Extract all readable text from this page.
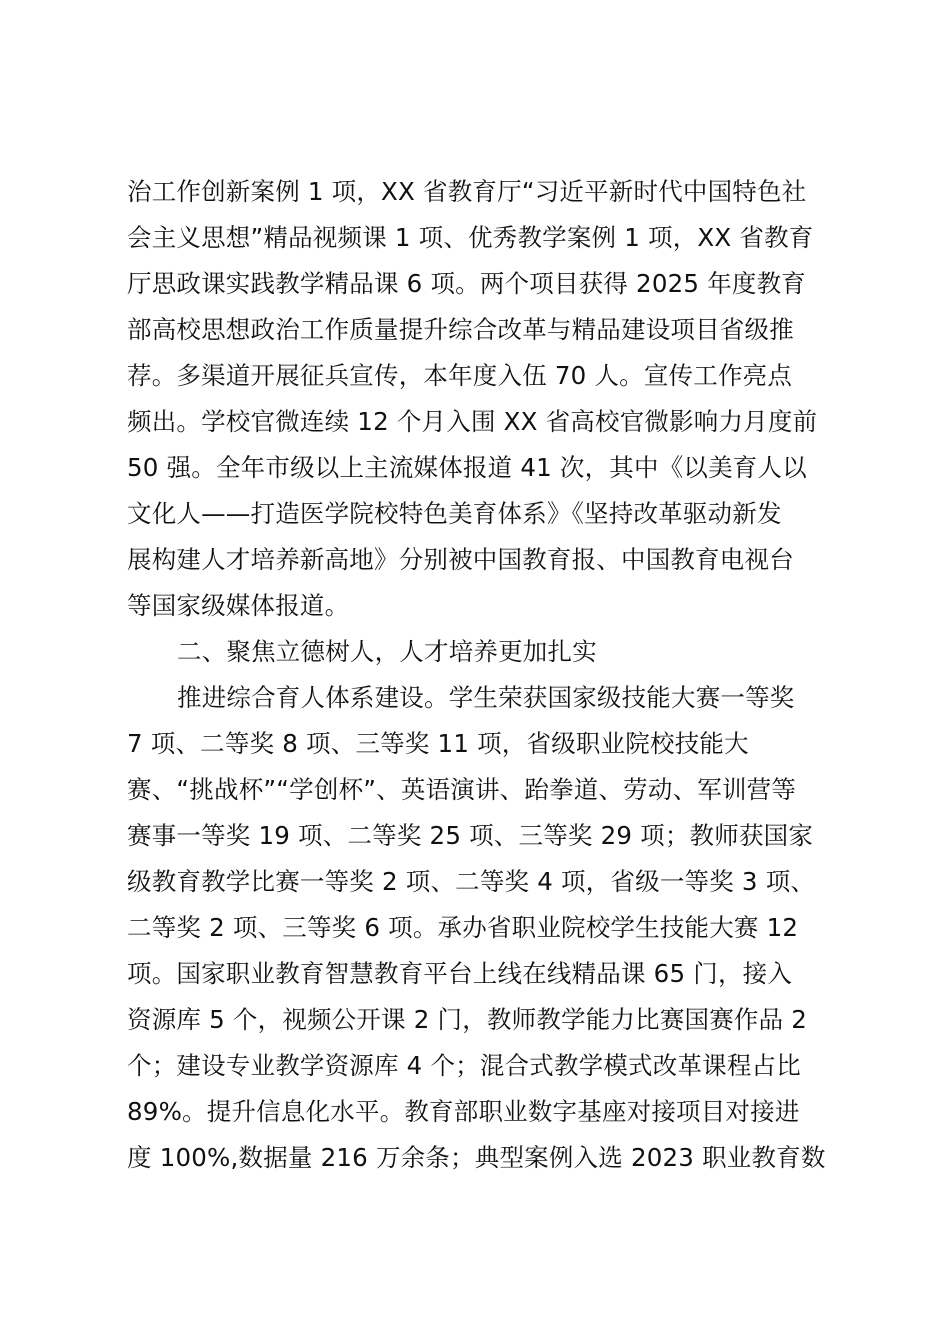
治工作创新案例 1 项，XX 省教育厅“习近平新时代中国特色社
会主义思想”精品视频课 1 项、优秀教学案例 1 项，XX 省教育
厅思政课实践教学精品课 6 项。两个项目获得 2025 年度教育
部高校思想政治工作质量提升综合改革与精品建设项目省级推
荐。多渠道开展征兵宣传，本年度入伍 70 人。宣传工作亮点
频出。学校官微连续 12 个月入围 XX 省高校官微影响力月度前
50 强。全年市级以上主流媒体报道 41 次，其中《以美育人以
文化人——打造医学院校特色美育体系》《坚持改革驱动新发
展构建人才培养新高地》分别被中国教育报、中国教育电视台
等国家级媒体报道。
二、聚焦立德树人，人才培养更加扎实
推进综合育人体系建设。学生荣获国家级技能大赛一等奖
7 项、二等奖 8 项、三等奖 11 项，省级职业院校技能大
赛、“挑战杯”“学创杯”、英语演讲、跆拳道、劳动、军训营等
赛事一等奖 19 项、二等奖 25 项、三等奖 29 项；教师获国家
级教育教学比赛一等奖 2 项、二等奖 4 项，省级一等奖 3 项、
二等奖 2 项、三等奖 6 项。承办省职业院校学生技能大赛 12
项。国家职业教育智慧教育平台上线在线精品课 65 门，接入
资源库 5 个，视频公开课 2 门，教师教学能力比赛国赛作品 2
个；建设专业教学资源库 4 个；混合式教学模式改革课程占比
89%。提升信息化水平。教育部职业数字基座对接项目对接进
度 100%,数据量 216 万余条；典型案例入选 2023 职业教育数
